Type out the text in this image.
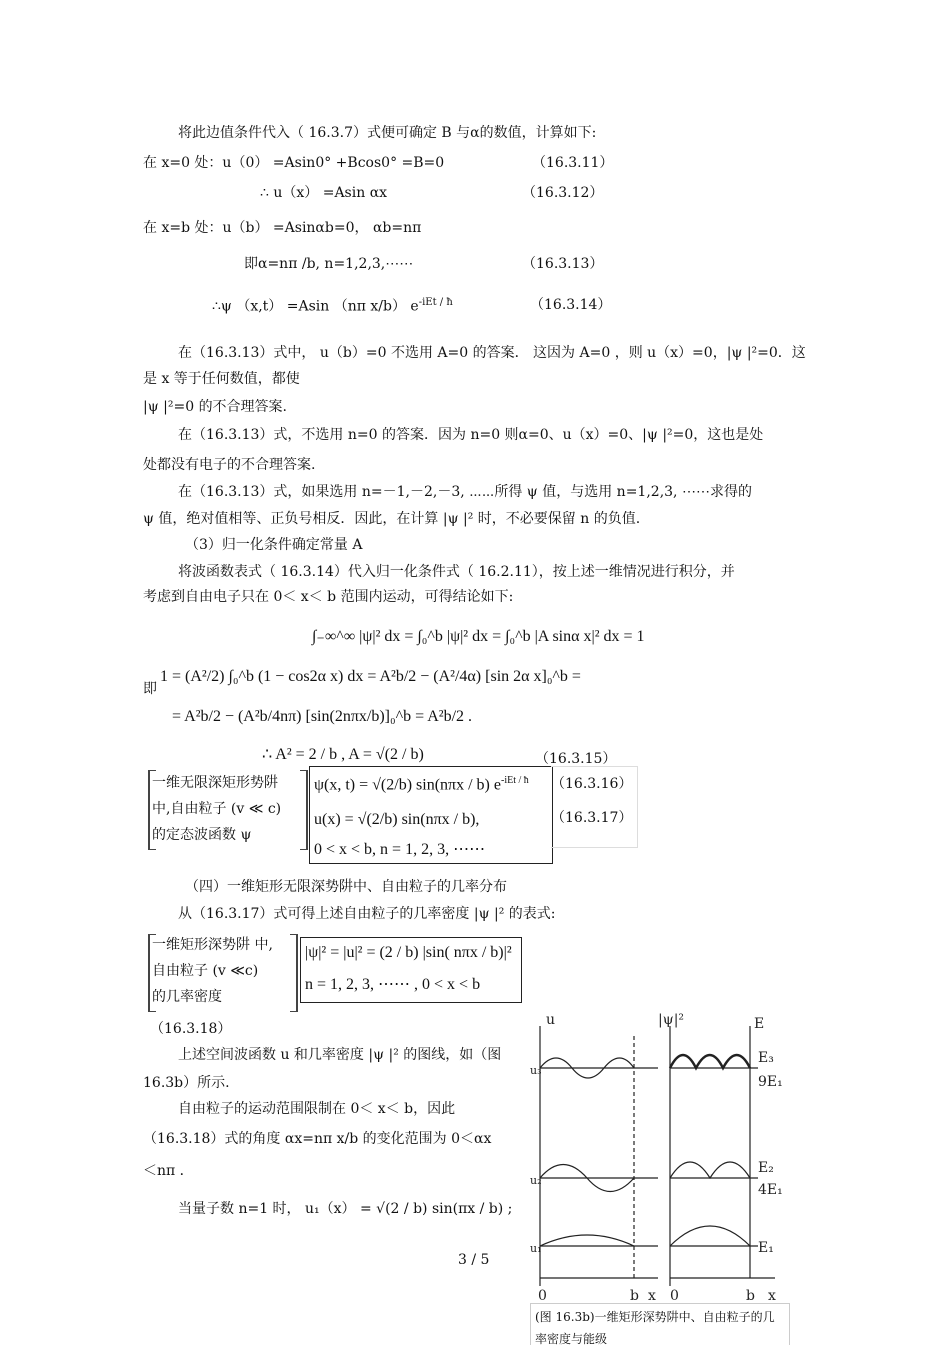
将此边值条件代入（ 16.3.7）式便可确定 B 与α的数值，计算如下:
在 x=0 处：u（0） =Asin0° +Bcos0° =B=0	（16.3.11）
∴ u（x） =Asin αx	（16.3.12）
在 x=b 处：u（b） =Asinαb=0， αb=nπ
即α=nπ /b, n=1,2,3,⋯⋯	（16.3.13）
∴ψ （x,t） =Asin （nπ x/b） $e^{-iEt / ħ}$	（16.3.14）
在（16.3.13）式中， u（b）=0 不选用 A=0 的答案． 这因为 A=0 ，则 u（x）=0，|ψ |²=0．这
是 x 等于任何数值，都使
|ψ |²=0 的不合理答案.
在（16.3.13）式，不选用 n=0 的答案．因为 n=0 则α=0、u（x）=0、|ψ |²=0，这也是处
处都没有电子的不合理答案.
在（16.3.13）式，如果选用 n=－1,－2,－3, ⋯⋯所得 ψ 值，与选用 n=1,2,3, ⋯⋯求得的
ψ 值，绝对值相等、正负号相反．因此，在计算 |ψ |² 时，不必要保留 n 的负值.
（3）归一化条件确定常量 A
将波函数表式（ 16.3.14）代入归一化条件式（ 16.2.11），按上述一维情况进行积分，并
考虑到自由电子只在 0＜ x＜ b 范围内运动，可得结论如下:
∫₋∞^∞ |ψ|² dx = ∫₀^b |ψ|² dx = ∫₀^b |A sinα x|² dx = 1
即
1 = (A²/2) ∫₀^b (1 − cos2α x) dx = A²b/2 − (A²/4α) [sin 2α x]₀^b =
= A²b/2 − (A²b/4nπ) [sin(2nπx/b)]₀^b = A²b/2 .
∴ A² = 2 / b , A = √(2 / b)	（16.3.15）
一维无限深矩形势阱
中,自由粒子 (v ≪ c)
的定态波函数 ψ
ψ(x, t) = √(2/b) sin(nπx / b) $e^{-iEt / ħ}$
u(x) = √(2/b) sin(nπx / b),
0 < x < b, n = 1, 2, 3, ⋯⋯
（16.3.16）
（16.3.17）
（四）一维矩形无限深势阱中、自由粒子的几率分布
从（16.3.17）式可得上述自由粒子的几率密度 |ψ |² 的表式:
一维矩形深势阱 中,
自由粒子 (v ≪c)
的几率密度
|ψ|² = |u|² = (2 / b) |sin( nπx / b)|²
n = 1, 2, 3, ⋯⋯ , 0 < x < b
（16.3.18）
上述空间波函数 u 和几率密度 |ψ |² 的图线，如（图
16.3b）所示.
自由粒子的运动范围限制在 0＜ x＜ b，因此
（16.3.18）式的角度 αx=nπ x/b 的变化范围为 0＜αx
＜nπ ．
当量子数 n=1 时， u₁（x） = √(2 / b) sin(πx / b) ;
3 / 5
u	|ψ|²	E
u₃
u₂
u₁
E₃
9E₁
E₂
4E₁
E₁
0	b x 0	b x
(图 16.3b)一维矩形深势阱中、自由粒子的几率密度与能级
